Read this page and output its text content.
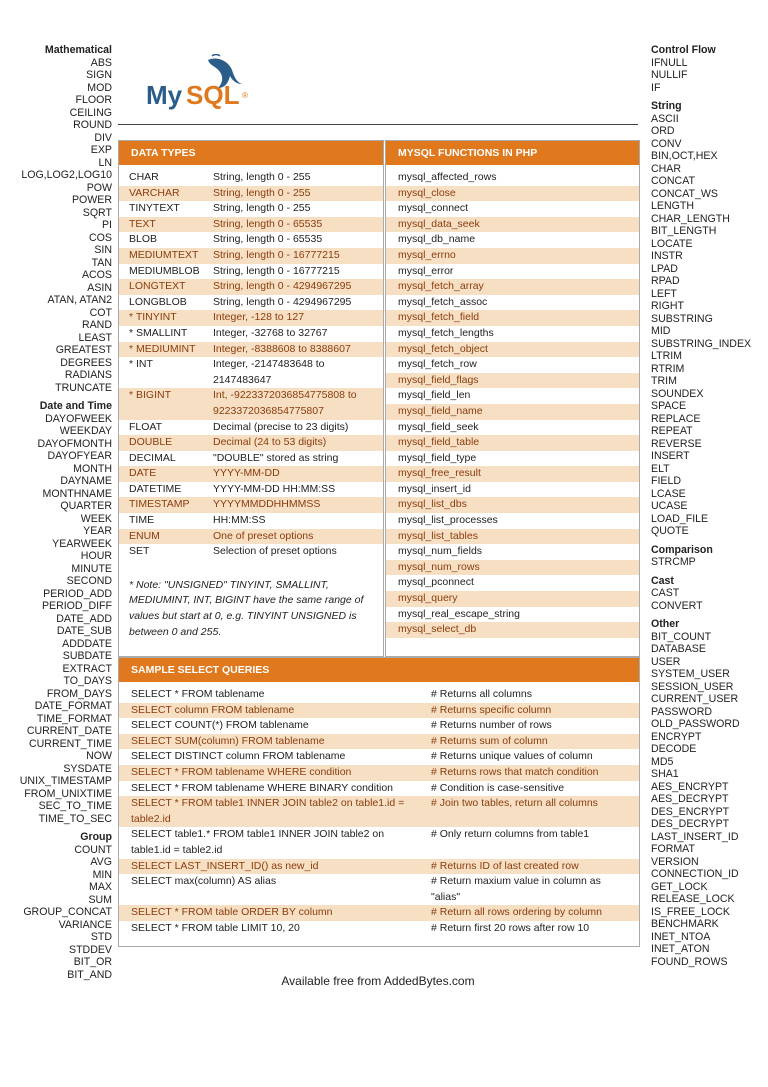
Mathematical
ABS
SIGN
MOD
FLOOR
CEILING
ROUND
DIV
EXP
LN
LOG,LOG2,LOG10
POW
POWER
SQRT
PI
COS
SIN
TAN
ACOS
ASIN
ATAN, ATAN2
COT
RAND
LEAST
GREATEST
DEGREES
RADIANS
TRUNCATE
Date and Time
DAYOFWEEK
WEEKDAY
DAYOFMONTH
DAYOFYEAR
MONTH
DAYNAME
MONTHNAME
QUARTER
WEEK
YEAR
YEARWEEK
HOUR
MINUTE
SECOND
PERIOD_ADD
PERIOD_DIFF
DATE_ADD
DATE_SUB
ADDDATE
SUBDATE
EXTRACT
TO_DAYS
FROM_DAYS
DATE_FORMAT
TIME_FORMAT
CURRENT_DATE
CURRENT_TIME
NOW
SYSDATE
UNIX_TIMESTAMP
FROM_UNIXTIME
SEC_TO_TIME
TIME_TO_SEC
Group
COUNT
AVG
MIN
MAX
SUM
GROUP_CONCAT
VARIANCE
STD
STDDEV
BIT_OR
BIT_AND
Control Flow
IFNULL
NULLIF
IF
String
ASCII
ORD
CONV
BIN,OCT,HEX
CHAR
CONCAT
CONCAT_WS
LENGTH
CHAR_LENGTH
BIT_LENGTH
LOCATE
INSTR
LPAD
RPAD
LEFT
RIGHT
SUBSTRING
MID
SUBSTRING_INDEX
LTRIM
RTRIM
TRIM
SOUNDEX
SPACE
REPLACE
REPEAT
REVERSE
INSERT
ELT
FIELD
LCASE
UCASE
LOAD_FILE
QUOTE
Comparison
STRCMP
Cast
CAST
CONVERT
Other
BIT_COUNT
DATABASE
USER
SYSTEM_USER
SESSION_USER
CURRENT_USER
PASSWORD
OLD_PASSWORD
ENCRYPT
DECODE
MD5
SHA1
AES_ENCRYPT
AES_DECRYPT
DES_ENCRYPT
DES_DECRYPT
LAST_INSERT_ID
FORMAT
VERSION
CONNECTION_ID
GET_LOCK
RELEASE_LOCK
IS_FREE_LOCK
BENCHMARK
INET_NTOA
INET_ATON
FOUND_ROWS
My SQL ®
DATA TYPES
CHAR	String, length 0 - 255
VARCHAR	String, length 0 - 255
TINYTEXT	String, length 0 - 255
TEXT	String, length 0 - 65535
BLOB	String, length 0 - 65535
MEDIUMTEXT String, length 0 - 16777215
MEDIUMBLOB String, length 0 - 16777215
LONGTEXT	String, length 0 - 4294967295
LONGBLOB String, length 0 - 4294967295
* TINYINT	Integer, -128 to 127
* SMALLINT Integer, -32768 to 32767
* MEDIUMINT Integer, -8388608 to 8388607
* INT	Integer, -2147483648 to 2147483647
* BIGINT	Int, -9223372036854775808 to 9223372036854775807
FLOAT	Decimal (precise to 23 digits)
DOUBLE	Decimal (24 to 53 digits)
DECIMAL	"DOUBLE" stored as string
DATE	YYYY-MM-DD
DATETIME	YYYY-MM-DD HH:MM:SS
TIMESTAMP YYYYMMDDHHMMSS
TIME	HH:MM:SS
ENUM	One of preset options
SET	Selection of preset options
* Note: "UNSIGNED" TINYINT, SMALLINT, MEDIUMINT, INT, BIGINT have the same range of values but start at 0, e.g. TINYINT UNSIGNED is between 0 and 255.
MYSQL FUNCTIONS IN PHP
mysql_affected_rows
mysql_close
mysql_connect
mysql_data_seek
mysql_db_name
mysql_errno
mysql_error
mysql_fetch_array
mysql_fetch_assoc
mysql_fetch_field
mysql_fetch_lengths
mysql_fetch_object
mysql_fetch_row
mysql_field_flags
mysql_field_len
mysql_field_name
mysql_field_seek
mysql_field_table
mysql_field_type
mysql_free_result
mysql_insert_id
mysql_list_dbs
mysql_list_processes
mysql_list_tables
mysql_num_fields
mysql_num_rows
mysql_pconnect
mysql_query
mysql_real_escape_string
mysql_select_db
SAMPLE SELECT QUERIES
SELECT * FROM tablename	# Returns all columns
SELECT column FROM tablename	# Returns specific column
SELECT COUNT(*) FROM tablename	# Returns number of rows
SELECT SUM(column) FROM tablename	# Returns sum of column
SELECT DISTINCT column FROM tablename	# Returns unique values of column
SELECT * FROM tablename WHERE condition	# Returns rows that match condition
SELECT * FROM tablename WHERE BINARY condition	# Condition is case-sensitive
SELECT * FROM table1 INNER JOIN table2 on table1.id = table2.id
# Join two tables, return all columns
SELECT table1.* FROM table1 INNER JOIN table2 on table1.id = table2.id
# Only return columns from table1
SELECT LAST_INSERT_ID() as new_id	# Returns ID of last created row
SELECT max(column) AS alias	# Return maxium value in column as "alias"
SELECT * FROM table ORDER BY column	# Return all rows ordering by column
SELECT * FROM table LIMIT 10, 20	# Return first 20 rows after row 10
Available free from AddedBytes.com
